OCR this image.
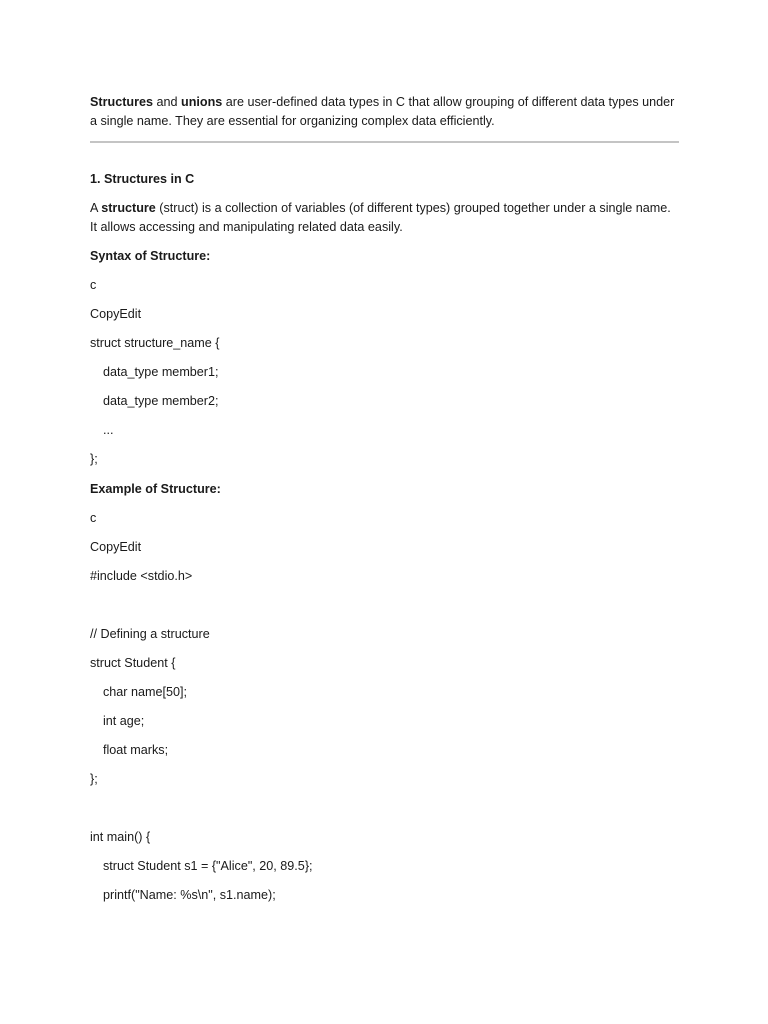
Structures and unions are user-defined data types in C that allow grouping of different data types under a single name. They are essential for organizing complex data efficiently.

1. Structures in C

A structure (struct) is a collection of variables (of different types) grouped together under a single name. It allows accessing and manipulating related data easily.

Syntax of Structure:

c

CopyEdit

struct structure_name {

data_type member1;

data_type member2;

...

};

Example of Structure:

c

CopyEdit

#include <stdio.h>

// Defining a structure

struct Student {

char name[50];

int age;

float marks;

};

int main() {

struct Student s1 = {"Alice", 20, 89.5};

printf("Name: %s\n", s1.name);
